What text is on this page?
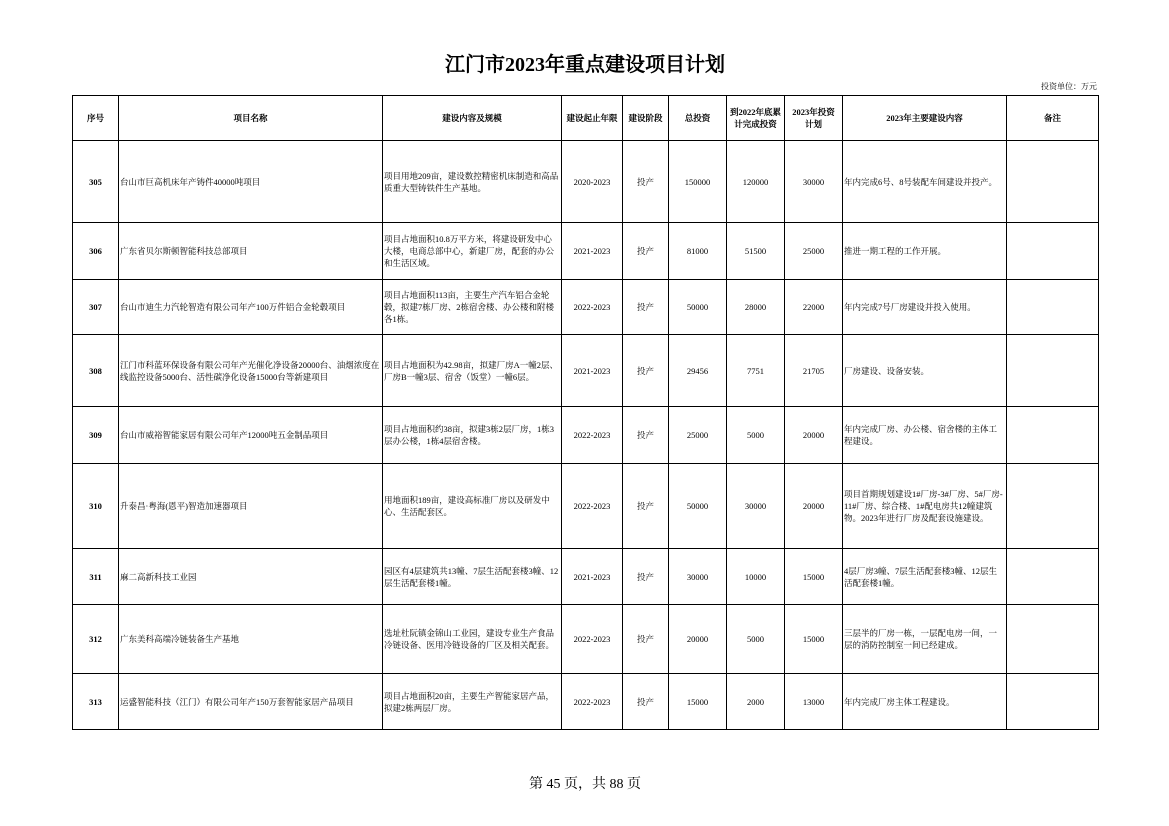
江门市2023年重点建设项目计划
投资单位：万元
序号	项目名称	建设内容及规模	建设起止年限	建设阶段	总投资	到2022年底累计完成投资	2023年投资计划	2023年主要建设内容	备注
305	台山市巨高机床年产铸件40000吨项目	项目用地209亩，建设数控精密机床制造和高品质重大型铸铁件生产基地。	2020-2023	投产	150000	120000	30000	年内完成6号、8号装配车间建设并投产。	
306	广东省贝尔斯顿智能科技总部项目	项目占地面积10.8万平方米，将建设研发中心大楼，电商总部中心，新建厂房，配套的办公和生活区域。	2021-2023	投产	81000	51500	25000	推进一期工程的工作开展。	
307	台山市迪生力汽轮智造有限公司年产100万件铝合金轮毂项目	项目占地面积113亩，主要生产汽车铝合金轮毂，拟建7栋厂房、2栋宿舍楼、办公楼和附楼各1栋。	2022-2023	投产	50000	28000	22000	年内完成7号厂房建设并投入使用。	
308	江门市科蓝环保设备有限公司年产光催化净设备20000台、油烟浓度在线监控设备5000台、活性碳净化设备15000台等新建项目	项目占地面积为42.98亩，拟建厂房A一幢2层、厂房B一幢3层、宿舍（饭堂）一幢6层。	2021-2023	投产	29456	7751	21705	厂房建设、设备安装。	
309	台山市威裕智能家居有限公司年产12000吨五金制品项目	项目占地面积约38亩，拟建3栋2层厂房，1栋3层办公楼，1栋4层宿舍楼。	2022-2023	投产	25000	5000	20000	年内完成厂房、办公楼、宿舍楼的主体工程建设。	
310	升泰昌·粤海(恩平)智造加速器项目	用地面积189亩，建设高标准厂房以及研发中心、生活配套区。	2022-2023	投产	50000	30000	20000	项目首期规划建设1#厂房-3#厂房、5#厂房-11#厂房、综合楼、1#配电房共12幢建筑物。2023年进行厂房及配套设施建设。	
311	麻二高新科技工业园	园区有4层建筑共13幢、7层生活配套楼3幢、12层生活配套楼1幢。	2021-2023	投产	30000	10000	15000	4层厂房3幢、7层生活配套楼3幢、12层生活配套楼1幢。	
312	广东美科高端冷链装备生产基地	选址杜阮镇金锦山工业园，建设专业生产食品冷链设备、医用冷链设备的厂区及相关配套。	2022-2023	投产	20000	5000	15000	三层半的厂房一栋，一层配电房一间，一层的消防控制室一间已经建成。	
313	运盛智能科技（江门）有限公司年产150万套智能家居产品项目	项目占地面积20亩，主要生产智能家居产品，拟建2栋两层厂房。	2022-2023	投产	15000	2000	13000	年内完成厂房主体工程建设。	
第 45 页，共 88 页
